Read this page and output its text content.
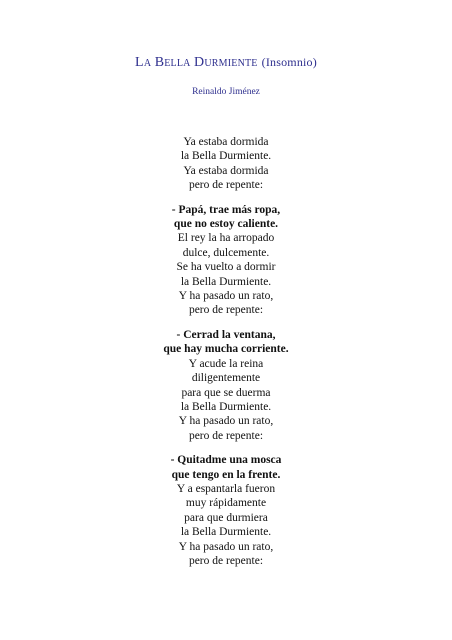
LA BELLA DURMIENTE (Insomnio)
Reinaldo Jiménez
Ya estaba dormida
la Bella Durmiente.
Ya estaba dormida
pero de repente:
- Papá, trae más ropa,
que no estoy caliente.
El rey la ha arropado
dulce, dulcemente.
Se ha vuelto a dormir
la Bella Durmiente.
Y ha pasado un rato,
pero de repente:
- Cerrad la ventana,
que hay mucha corriente.
Y acude la reina
diligentemente
para que se duerma
la Bella Durmiente.
Y ha pasado un rato,
pero de repente:
- Quitadme una mosca
que tengo en la frente.
Y a espantarla fueron
muy rápidamente
para que durmiera
la Bella Durmiente.
Y ha pasado un rato,
pero de repente:
